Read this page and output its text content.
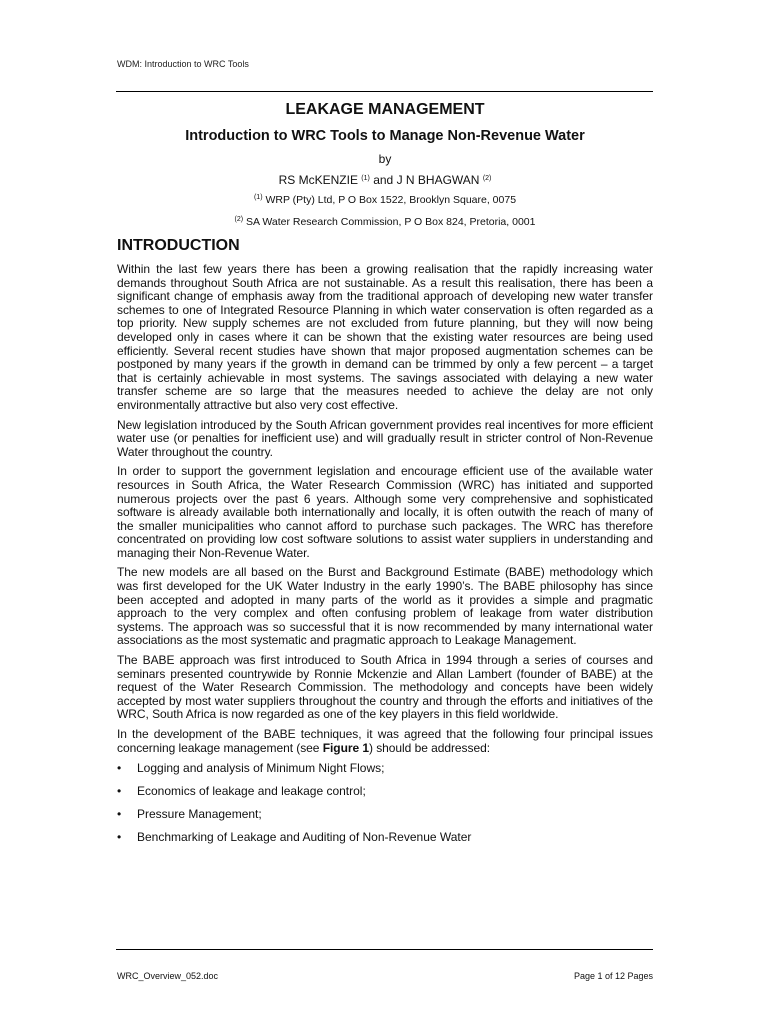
WDM: Introduction to WRC Tools
LEAKAGE MANAGEMENT
Introduction to WRC Tools to Manage Non-Revenue Water
by
RS McKENZIE $^{(1)}$ and J N BHAGWAN $^{(2)}$
$^{(1)}$ WRP (Pty) Ltd, P O Box 1522, Brooklyn Square, 0075
$^{(2)}$ SA Water Research Commission, P O Box 824, Pretoria, 0001
INTRODUCTION

Within the last few years there has been a growing realisation that the rapidly increasing water demands throughout South Africa are not sustainable. As a result this realisation, there has been a significant change of emphasis away from the traditional approach of developing new water transfer schemes to one of Integrated Resource Planning in which water conservation is often regarded as a top priority. New supply schemes are not excluded from future planning, but they will now being developed only in cases where it can be shown that the existing water resources are being used efficiently. Several recent studies have shown that major proposed augmentation schemes can be postponed by many years if the growth in demand can be trimmed by only a few percent – a target that is certainly achievable in most systems. The savings associated with delaying a new water transfer scheme are so large that the measures needed to achieve the delay are not only environmentally attractive but also very cost effective.

New legislation introduced by the South African government provides real incentives for more efficient water use (or penalties for inefficient use) and will gradually result in stricter control of Non-Revenue Water throughout the country.

In order to support the government legislation and encourage efficient use of the available water resources in South Africa, the Water Research Commission (WRC) has initiated and supported numerous projects over the past 6 years. Although some very comprehensive and sophisticated software is already available both internationally and locally, it is often outwith the reach of many of the smaller municipalities who cannot afford to purchase such packages. The WRC has therefore concentrated on providing low cost software solutions to assist water suppliers in understanding and managing their Non-Revenue Water.

The new models are all based on the Burst and Background Estimate (BABE) methodology which was first developed for the UK Water Industry in the early 1990’s. The BABE philosophy has since been accepted and adopted in many parts of the world as it provides a simple and pragmatic approach to the very complex and often confusing problem of leakage from water distribution systems. The approach was so successful that it is now recommended by many international water associations as the most systematic and pragmatic approach to Leakage Management.

The BABE approach was first introduced to South Africa in 1994 through a series of courses and seminars presented countrywide by Ronnie Mckenzie and Allan Lambert (founder of BABE) at the request of the Water Research Commission. The methodology and concepts have been widely accepted by most water suppliers throughout the country and through the efforts and initiatives of the WRC, South Africa is now regarded as one of the key players in this field worldwide.

In the development of the BABE techniques, it was agreed that the following four principal issues concerning leakage management (see Figure 1) should be addressed:

• Logging and analysis of Minimum Night Flows;
• Economics of leakage and leakage control;
• Pressure Management;
• Benchmarking of Leakage and Auditing of Non-Revenue Water
WRC_Overview_052.doc	Page 1 of 12 Pages
